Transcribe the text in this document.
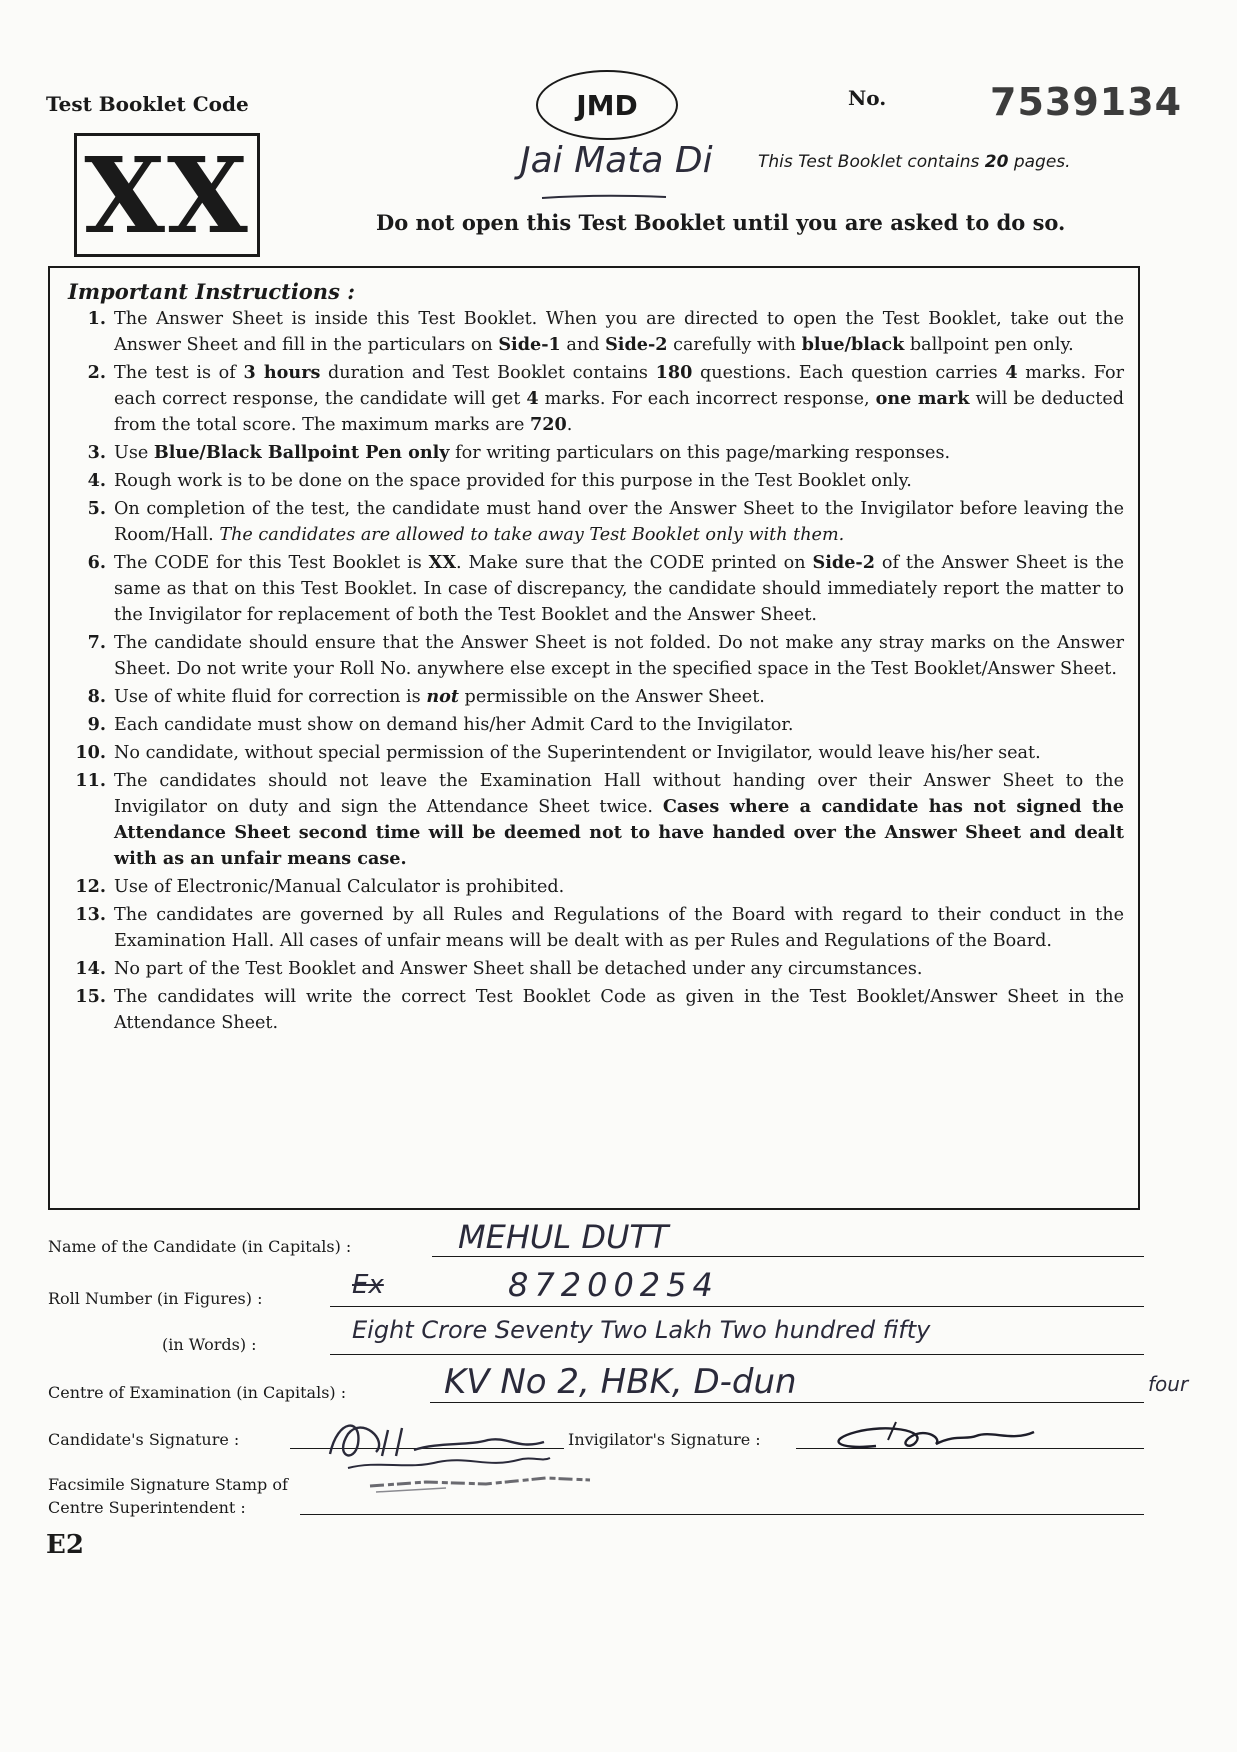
Test Booklet Code
XX
JMD	No.	7539134
Jai Mata Di	This Test Booklet contains 20 pages.
Do not open this Test Booklet until you are asked to do so.
Important Instructions :
1. The Answer Sheet is inside this Test Booklet. When you are directed to open the Test Booklet, take out the Answer Sheet and fill in the particulars on Side-1 and Side-2 carefully with blue/black ballpoint pen only.
2. The test is of 3 hours duration and Test Booklet contains 180 questions. Each question carries 4 marks. For each correct response, the candidate will get 4 marks. For each incorrect response, one mark will be deducted from the total score. The maximum marks are 720.
3. Use Blue/Black Ballpoint Pen only for writing particulars on this page/marking responses.
4. Rough work is to be done on the space provided for this purpose in the Test Booklet only.
5. On completion of the test, the candidate must hand over the Answer Sheet to the Invigilator before leaving the Room/Hall. The candidates are allowed to take away Test Booklet only with them.
6. The CODE for this Test Booklet is XX. Make sure that the CODE printed on Side-2 of the Answer Sheet is the same as that on this Test Booklet. In case of discrepancy, the candidate should immediately report the matter to the Invigilator for replacement of both the Test Booklet and the Answer Sheet.
7. The candidate should ensure that the Answer Sheet is not folded. Do not make any stray marks on the Answer Sheet. Do not write your Roll No. anywhere else except in the specified space in the Test Booklet/Answer Sheet.
8. Use of white fluid for correction is not permissible on the Answer Sheet.
9. Each candidate must show on demand his/her Admit Card to the Invigilator.
10. No candidate, without special permission of the Superintendent or Invigilator, would leave his/her seat.
11. The candidates should not leave the Examination Hall without handing over their Answer Sheet to the Invigilator on duty and sign the Attendance Sheet twice. Cases where a candidate has not signed the Attendance Sheet second time will be deemed not to have handed over the Answer Sheet and dealt with as an unfair means case.
12. Use of Electronic/Manual Calculator is prohibited.
13. The candidates are governed by all Rules and Regulations of the Board with regard to their conduct in the Examination Hall. All cases of unfair means will be dealt with as per Rules and Regulations of the Board.
14. No part of the Test Booklet and Answer Sheet shall be detached under any circumstances.
15. The candidates will write the correct Test Booklet Code as given in the Test Booklet/Answer Sheet in the Attendance Sheet.
Name of the Candidate (in Capitals) :	MEHUL DUTT
Roll Number (in Figures) :	Ex	87200254
(in Words) :
Eight Crore Seventy Two Lakh Two hundred fifty
four
Centre of Examination (in Capitals) :	KV No 2, HBK, D-dun
Candidate's Signature :	Invigilator's Signature :
Facsimile Signature Stamp of
Centre Superintendent :
E2
